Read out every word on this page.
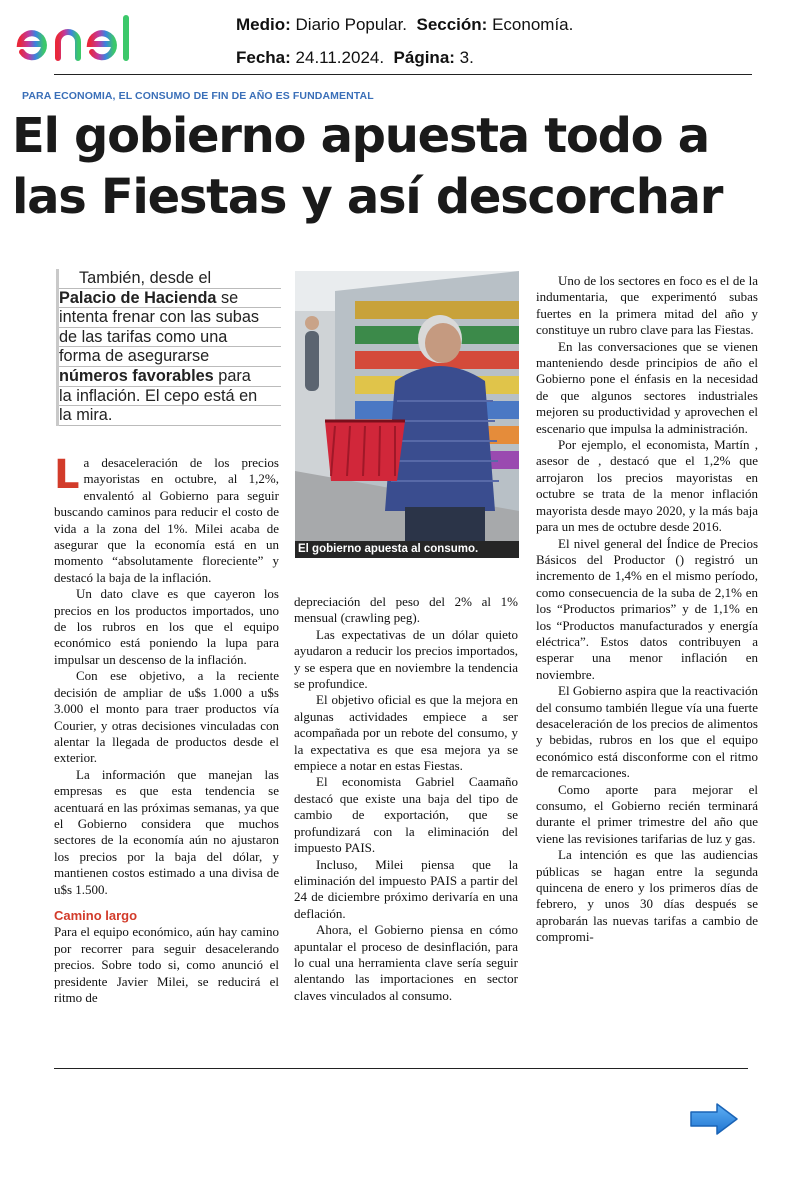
Medio: Diario Popular. Sección: Economía.
Fecha: 24.11.2024. Página: 3.
PARA ECONOMIA, EL CONSUMO DE FIN DE AÑO ES FUNDAMENTAL
El gobierno apuesta todo a
las Fiestas y así descorchar
También, desde el
Palacio de Hacienda se
intenta frenar con las subas
de las tarifas como una
forma de asegurarse
números favorables para
la inflación. El cepo está en
la mira.
El gobierno apuesta al consumo.

La desaceleración de los precios mayoristas en octubre, al 1,2%, envalentó al Gobierno para seguir buscando caminos para reducir el costo de vida a la zona del 1%. Milei acaba de asegurar que la economía está en un momento “absolutamente floreciente” y destacó la baja de la inflación.

Un dato clave es que cayeron los precios en los productos importados, uno de los rubros en los que el equipo económico está poniendo la lupa para impulsar un descenso de la inflación.

Con ese objetivo, a la reciente decisión de ampliar de u$s 1.000 a u$s 3.000 el monto para traer productos vía Courier, y otras decisiones vinculadas con alentar la llegada de productos desde el exterior.

La información que manejan las empresas es que esta tendencia se acentuará en las próximas semanas, ya que el Gobierno considera que muchos sectores de la economía aún no ajustaron los precios por la baja del dólar, y mantienen costos estimado a una divisa de u$s 1.500.

Camino largo

Para el equipo económico, aún hay camino por recorrer para seguir desacelerando precios. Sobre todo si, como anunció el presidente Javier Milei, se reducirá el ritmo de

depreciación del peso del 2% al 1% mensual (crawling peg).

Las expectativas de un dólar quieto ayudaron a reducir los precios importados, y se espera que en noviembre la tendencia se profundice.

El objetivo oficial es que la mejora en algunas actividades empiece a ser acompañada por un rebote del consumo, y la expectativa es que esa mejora ya se empiece a notar en estas Fiestas.

El economista Gabriel Caamaño destacó que existe una baja del tipo de cambio de exportación, que se profundizará con la eliminación del impuesto PAIS.

Incluso, Milei piensa que la eliminación del impuesto PAIS a partir del 24 de diciembre próximo derivaría en una deflación.

Ahora, el Gobierno piensa en cómo apuntalar el proceso de desinflación, para lo cual una herramienta clave sería seguir alentando las importaciones en sector claves vinculados al consumo.

Uno de los sectores en foco es el de la indumentaria, que experimentó subas fuertes en la primera mitad del año y constituye un rubro clave para las Fiestas.

En las conversaciones que se vienen manteniendo desde principios de año el Gobierno pone el énfasis en la necesidad de que algunos sectores industriales mejoren su productividad y aprovechen el escenario que impulsa la administración.

Por ejemplo, el economista, Martín , asesor de , destacó que el 1,2% que arrojaron los precios mayoristas en octubre se trata de la menor inflación mayorista desde mayo 2020, y la más baja para un mes de octubre desde 2016.

El nivel general del Índice de Precios Básicos del Productor () registró un incremento de 1,4% en el mismo período, como consecuencia de la suba de 2,1% en los “Productos primarios” y de 1,1% en los “Productos manufacturados y energía eléctrica”. Estos datos contribuyen a esperar una menor inflación en noviembre.

El Gobierno aspira que la reactivación del consumo también llegue vía una fuerte desaceleración de los precios de alimentos y bebidas, rubros en los que el equipo económico está disconforme con el ritmo de remarcaciones.

Como aporte para mejorar el consumo, el Gobierno recién terminará durante el primer trimestre del año que viene las revisiones tarifarias de luz y gas.

La intención es que las audiencias públicas se hagan entre la segunda quincena de enero y los primeros días de febrero, y unos 30 días después se aprobarán las nuevas tarifas a cambio de compromi-
